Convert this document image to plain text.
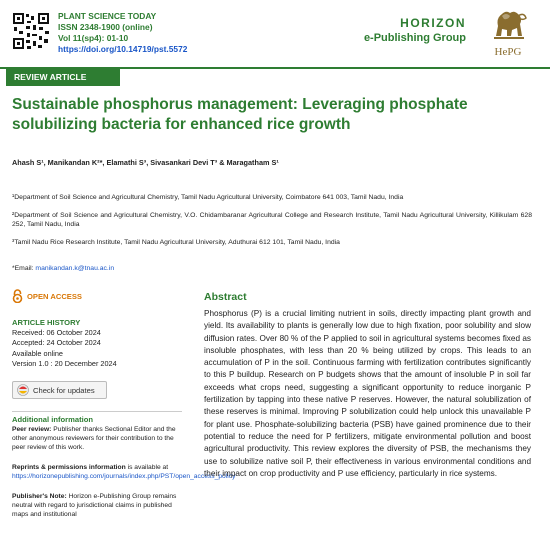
PLANT SCIENCE TODAY
ISSN 2348-1900 (online)
Vol 11(sp4): 01-10
https://doi.org/10.14719/pst.5572
HORIZON
e-Publishing Group
HePG
REVIEW ARTICLE
Sustainable phosphorus management: Leveraging phosphate solubilizing bacteria for enhanced rice growth
Ahash S¹, Manikandan K²*, Elamathi S³, Sivasankari Devi T³ & Maragatham S¹

¹Department of Soil Science and Agricultural Chemistry, Tamil Nadu Agricultural University, Coimbatore 641 003, Tamil Nadu, India

²Department of Soil Science and Agricultural Chemistry, V.O. Chidambaranar Agricultural College and Research Institute, Tamil Nadu Agricultural University, Killikulam 628 252, Tamil Nadu, India

³Tamil Nadu Rice Research Institute, Tamil Nadu Agricultural University, Aduthurai 612 101, Tamil Nadu, India

*Email: manikandan.k@tnau.ac.in
OPEN ACCESS
ARTICLE HISTORY
Received: 06 October 2024
Accepted: 24 October 2024
Available online
Version 1.0 : 20 December 2024
Check for updates
Additional information

Peer review: Publisher thanks Sectional Editor and the other anonymous reviewers for their contribution to the peer review of this work.

Reprints & permissions information is available at https://horizonepublishing.com/journals/index.php/PST/open_access_policy

Publisher's Note: Horizon e-Publishing Group remains neutral with regard to jurisdictional claims in published maps and institutional

Abstract

Phosphorus (P) is a crucial limiting nutrient in soils, directly impacting plant growth and yield. Its availability to plants is generally low due to high fixation, poor solubility and slow diffusion rates. Over 80 % of the P applied to soil in agricultural systems becomes fixed as insoluble phosphates, with less than 20 % being utilized by crops. This leads to an accumulation of P in the soil. Continuous farming with fertilization contributes significantly to this P buildup. Research on P budgets shows that the amount of insoluble P in soil far exceeds what crops need, suggesting a significant opportunity to reduce inorganic P fertilization by tapping into these native P reserves. However, the natural solubilization of these reserves is minimal. Improving P solubilization could help unlock this unavailable P for plant use. Phosphate-solubilizing bacteria (PSB) have gained prominence due to their potential to reduce the need for P fertilizers, mitigate environmental pollution and boost agricultural productivity. This review explores the diversity of PSB, the mechanisms they use to solubilize native soil P, their effectiveness in various environmental conditions and their impact on crop productivity and P use efficiency, particularly in rice systems.
